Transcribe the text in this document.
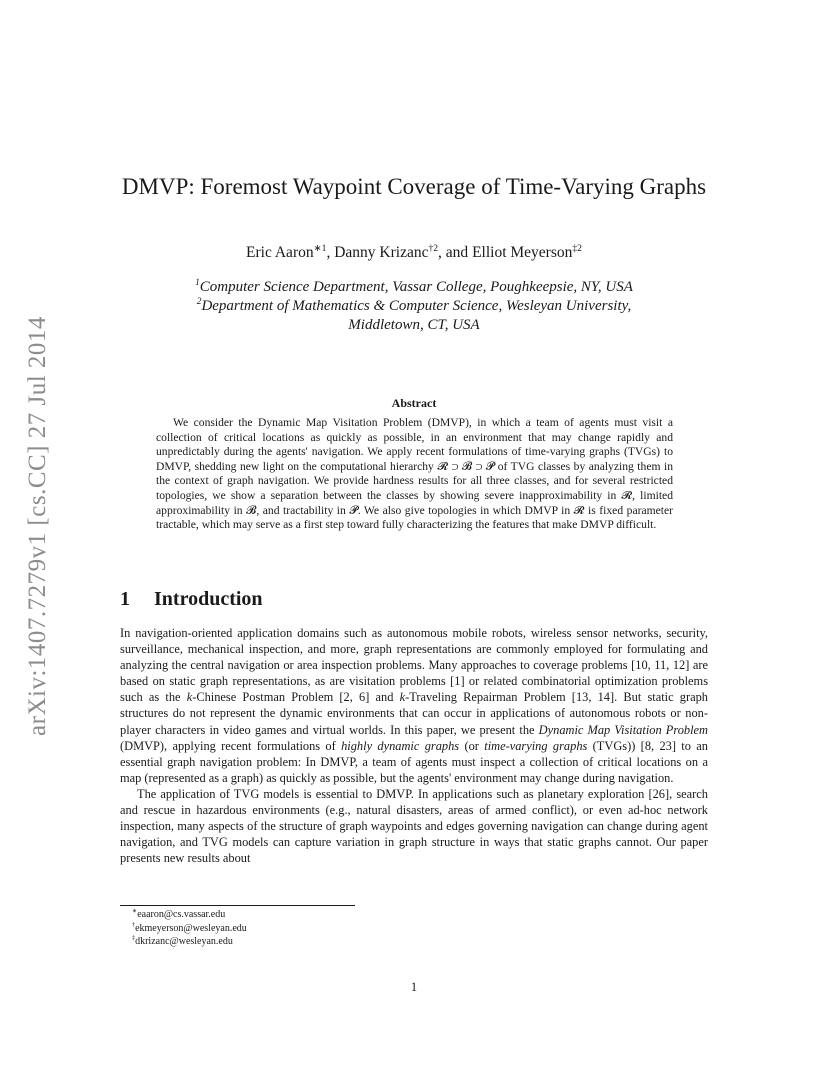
arXiv:1407.7279v1 [cs.CC] 27 Jul 2014
DMVP: Foremost Waypoint Coverage of Time-Varying Graphs
Eric Aaron$^{∗1}$, Danny Krizanc$^{\dagger 2}$, and Elliot Meyerson$^{\ddagger 2}$
$^1$Computer Science Department, Vassar College, Poughkeepsie, NY, USA
$^2$Department of Mathematics & Computer Science, Wesleyan University,
Middletown, CT, USA
Abstract

We consider the Dynamic Map Visitation Problem (DMVP), in which a team of agents must visit a collection of critical locations as quickly as possible, in an environment that may change rapidly and unpredictably during the agents' navigation. We apply recent formulations of time-varying graphs (TVGs) to DMVP, shedding new light on the computational hierarchy 𝓡 ⊃ 𝓑 ⊃ 𝓟 of TVG classes by analyzing them in the context of graph navigation. We provide hardness results for all three classes, and for several restricted topologies, we show a separation between the classes by showing severe inapproximability in 𝓡, limited approximability in 𝓑, and tractability in 𝓟. We also give topologies in which DMVP in 𝓡 is fixed parameter tractable, which may serve as a first step toward fully characterizing the features that make DMVP difficult.

1 Introduction

In navigation-oriented application domains such as autonomous mobile robots, wireless sensor networks, security, surveillance, mechanical inspection, and more, graph representations are commonly employed for formulating and analyzing the central navigation or area inspection problems. Many approaches to coverage problems [10, 11, 12] are based on static graph representations, as are visitation problems [1] or related combinatorial optimization problems such as the k-Chinese Postman Problem [2, 6] and k-Traveling Repairman Problem [13, 14]. But static graph structures do not represent the dynamic environments that can occur in applications of autonomous robots or non-player characters in video games and virtual worlds. In this paper, we present the Dynamic Map Visitation Problem (DMVP), applying recent formulations of highly dynamic graphs (or time-varying graphs (TVGs)) [8, 23] to an essential graph navigation problem: In DMVP, a team of agents must inspect a collection of critical locations on a map (represented as a graph) as quickly as possible, but the agents' environment may change during navigation.

The application of TVG models is essential to DMVP. In applications such as planetary exploration [26], search and rescue in hazardous environments (e.g., natural disasters, areas of armed conflict), or even ad-hoc network inspection, many aspects of the structure of graph waypoints and edges governing navigation can change during agent navigation, and TVG models can capture variation in graph structure in ways that static graphs cannot. Our paper presents new results about

∗eaaron@cs.vassar.edu
†ekmeyerson@wesleyan.edu
‡dkrizanc@wesleyan.edu
1
